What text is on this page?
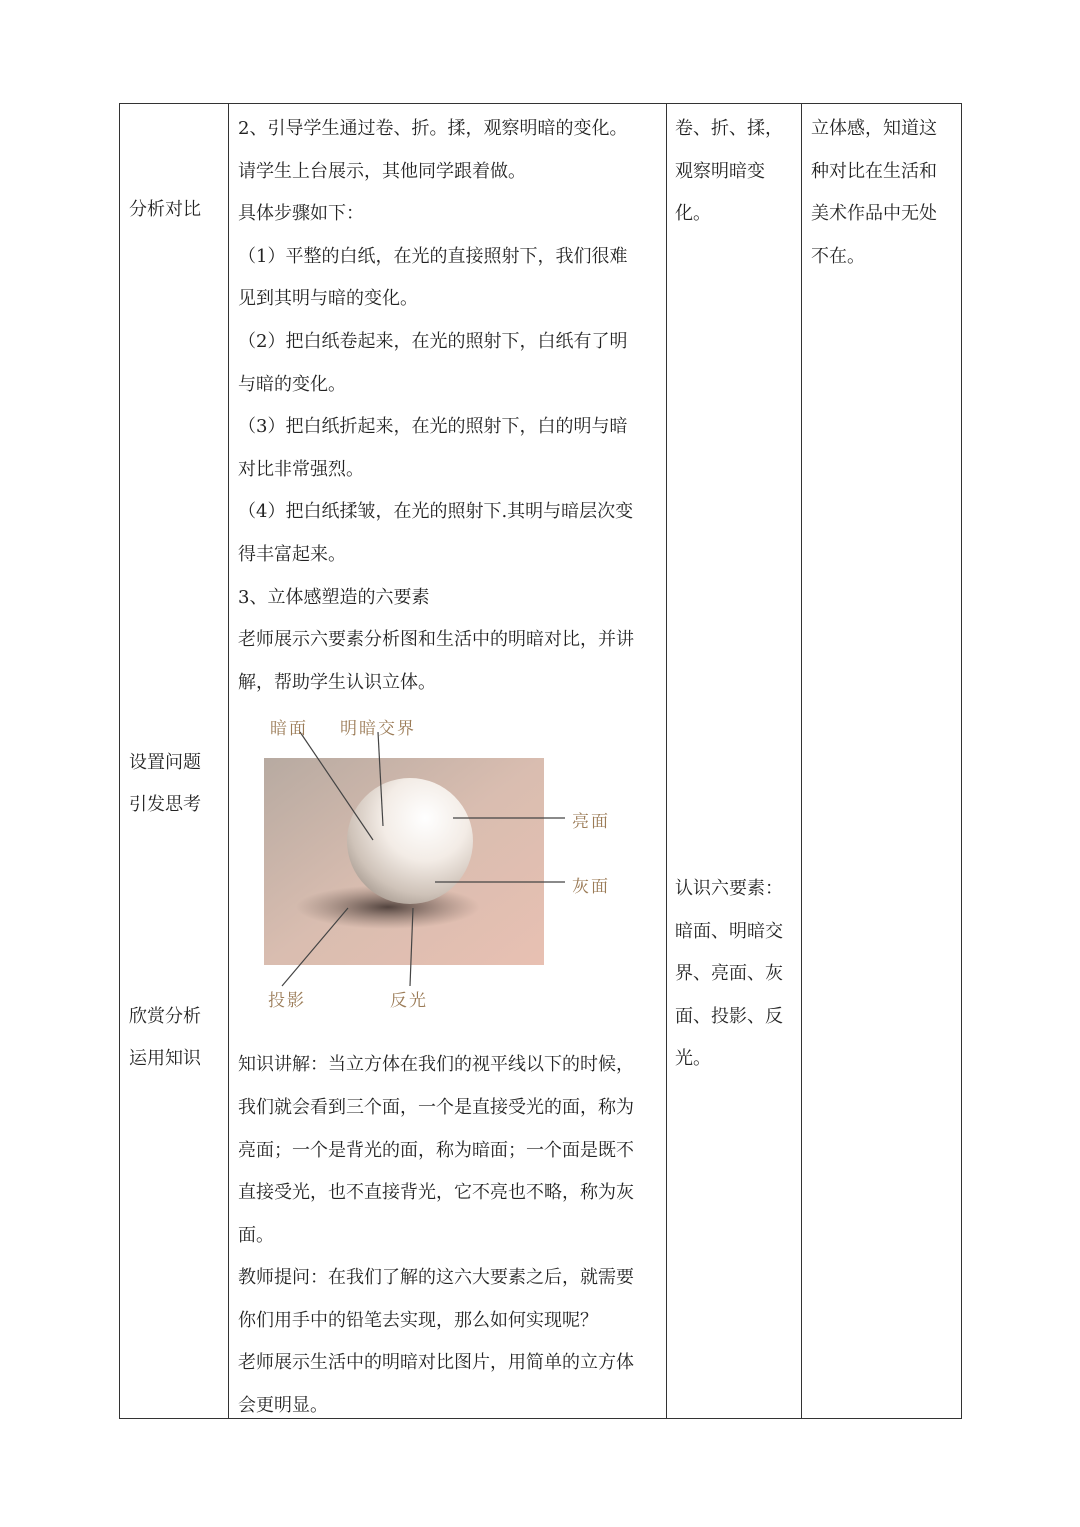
分析对比
设置问题
引发思考
欣赏分析
运用知识

2、引导学生通过卷、折。揉，观察明暗的变化。

请学生上台展示，其他同学跟着做。

具体步骤如下：

（1）平整的白纸，在光的直接照射下，我们很难

见到其明与暗的变化。

（2）把白纸卷起来，在光的照射下，白纸有了明

与暗的变化。

（3）把白纸折起来，在光的照射下，白的明与暗

对比非常强烈。

（4）把白纸揉皱，在光的照射下.其明与暗层次变

得丰富起来。

3、立体感塑造的六要素

老师展示六要素分析图和生活中的明暗对比，并讲

解，帮助学生认识立体。

暗面 明暗交界
亮面
灰面
投影	反光

知识讲解：当立方体在我们的视平线以下的时候，

我们就会看到三个面，一个是直接受光的面，称为

亮面；一个是背光的面，称为暗面；一个面是既不

直接受光，也不直接背光，它不亮也不略，称为灰

面。

教师提问：在我们了解的这六大要素之后，就需要

你们用手中的铅笔去实现，那么如何实现呢？

老师展示生活中的明暗对比图片，用简单的立方体

会更明显。

卷、折、揉，

观察明暗变

化。

认识六要素：

暗面、明暗交

界、亮面、灰

面、投影、反

光。

立体感，知道这

种对比在生活和

美术作品中无处

不在。
